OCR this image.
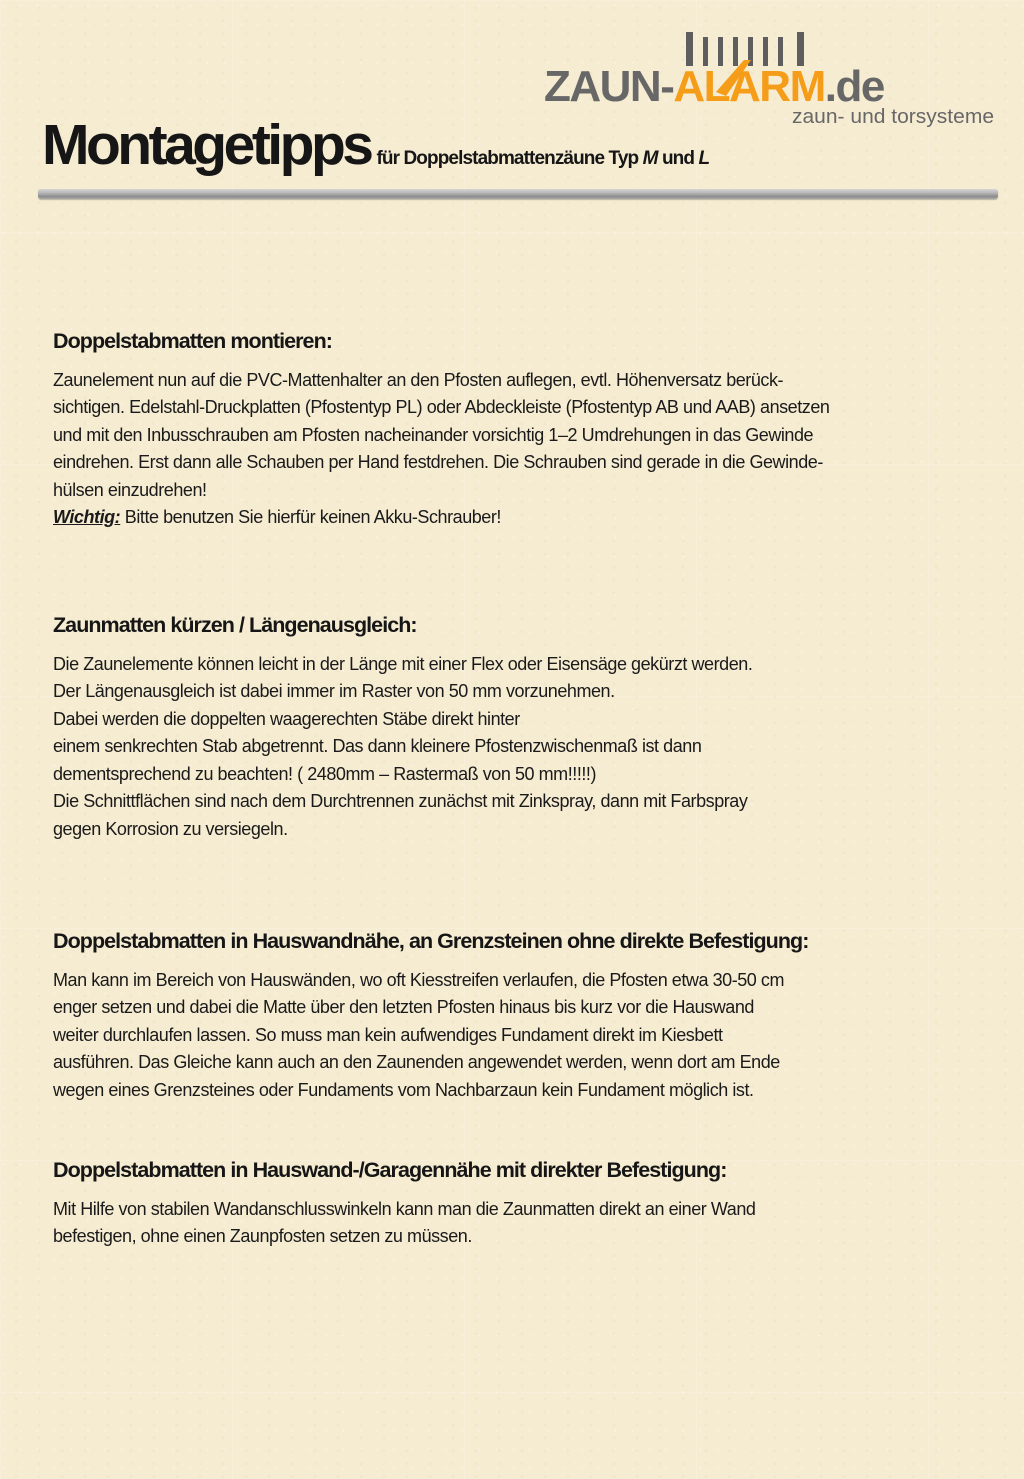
ZAUN-ALARM.de
zaun- und torsysteme
Montagetipps für Doppelstabmattenzäune Typ M und L
Doppelstabmatten montieren:
Zaunelement nun auf die PVC-Mattenhalter an den Pfosten auflegen, evtl. Höhenversatz berück-
sichtigen. Edelstahl-Druckplatten (Pfostentyp PL) oder Abdeckleiste (Pfostentyp AB und AAB) ansetzen
und mit den Inbusschrauben am Pfosten nacheinander vorsichtig 1–2 Umdrehungen in das Gewinde
eindrehen. Erst dann alle Schauben per Hand festdrehen. Die Schrauben sind gerade in die Gewinde-
hülsen einzudrehen!
Wichtig: Bitte benutzen Sie hierfür keinen Akku-Schrauber!
Zaunmatten kürzen / Längenausgleich:
Die Zaunelemente können leicht in der Länge mit einer Flex oder Eisensäge gekürzt werden.
Der Längenausgleich ist dabei immer im Raster von 50 mm vorzunehmen.
Dabei werden die doppelten waagerechten Stäbe direkt hinter
einem senkrechten Stab abgetrennt. Das dann kleinere Pfostenzwischenmaß ist dann
dementsprechend zu beachten! ( 2480mm – Rastermaß von 50 mm!!!!!)
Die Schnittflächen sind nach dem Durchtrennen zunächst mit Zinkspray, dann mit Farbspray
gegen Korrosion zu versiegeln.
Doppelstabmatten in Hauswandnähe, an Grenzsteinen ohne direkte Befestigung:
Man kann im Bereich von Hauswänden, wo oft Kiesstreifen verlaufen, die Pfosten etwa 30-50 cm
enger setzen und dabei die Matte über den letzten Pfosten hinaus bis kurz vor die Hauswand
weiter durchlaufen lassen. So muss man kein aufwendiges Fundament direkt im Kiesbett
ausführen. Das Gleiche kann auch an den Zaunenden angewendet werden, wenn dort am Ende
wegen eines Grenzsteines oder Fundaments vom Nachbarzaun kein Fundament möglich ist.
Doppelstabmatten in Hauswand-/Garagennähe mit direkter Befestigung:
Mit Hilfe von stabilen Wandanschlusswinkeln kann man die Zaunmatten direkt an einer Wand
befestigen, ohne einen Zaunpfosten setzen zu müssen.
